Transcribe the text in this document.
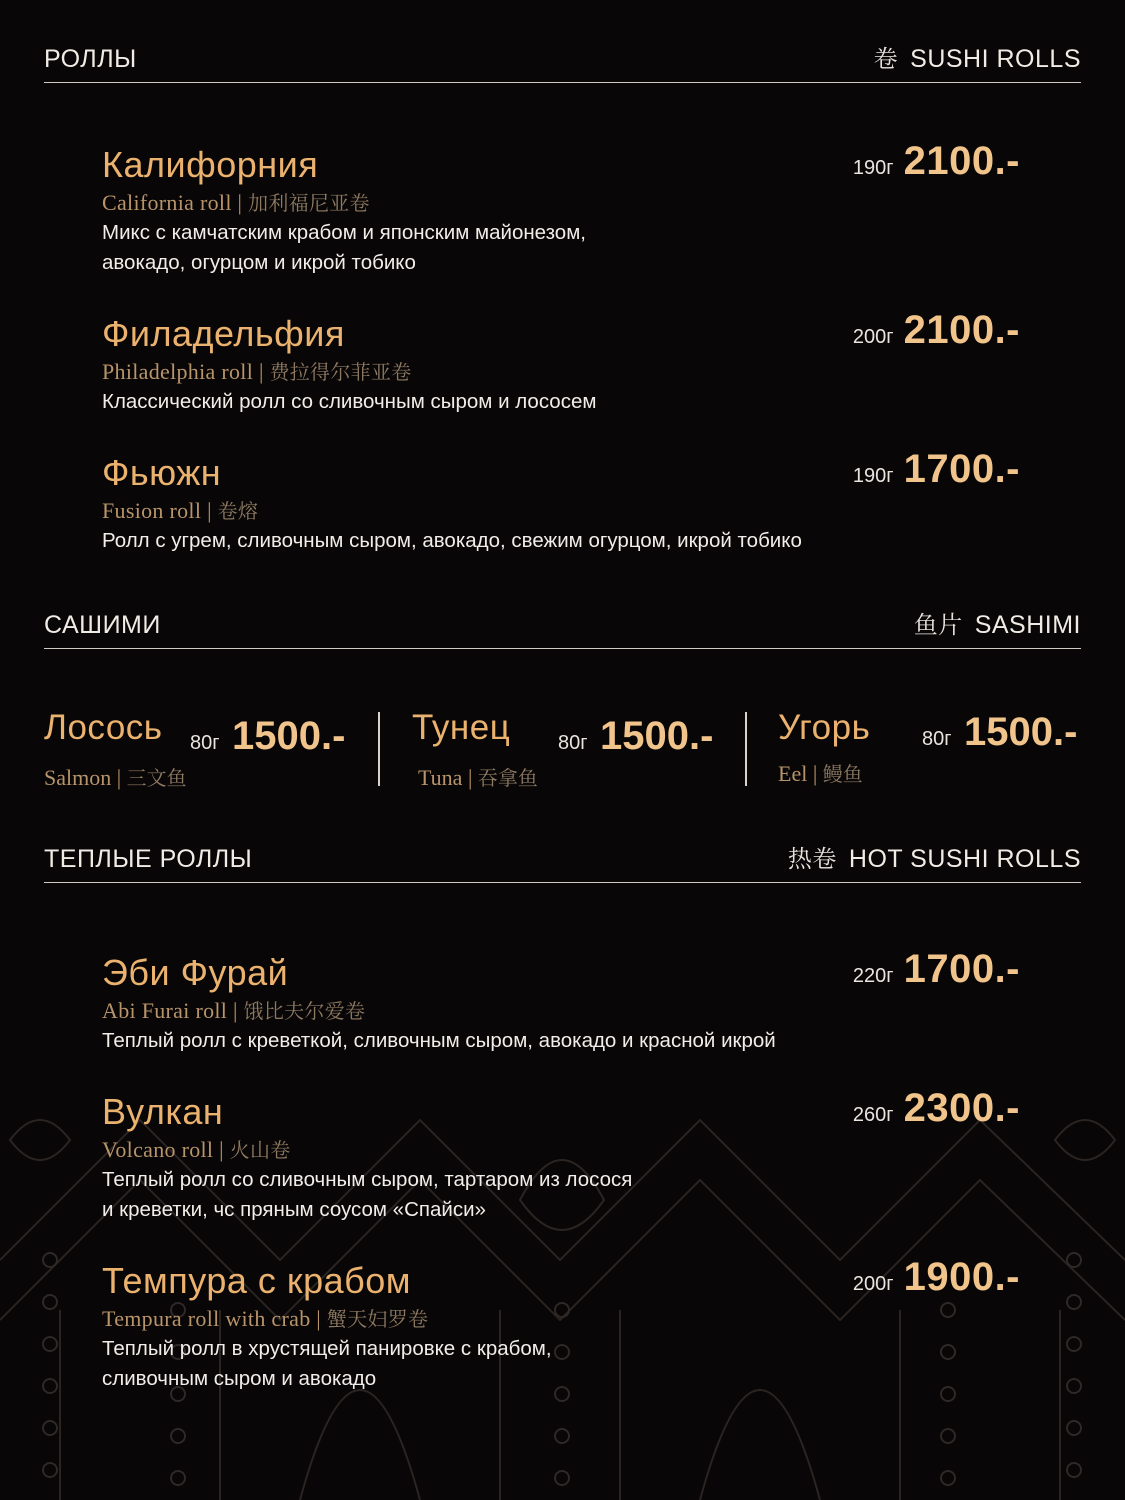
РОЛЛЫ	卷 SUSHI ROLLS
Калифорния
California roll | 加利福尼亚卷
Микс с камчатским крабом и японским майонезом,
авокадо, огурцом и икрой тобико
190г 2100.-
Филадельфия
Philadelphia roll | 费拉得尔菲亚卷
Классический ролл со сливочным сыром и лососем
200г 2100.-
Фьюжн
Fusion roll | 卷熔
Ролл с угрем, сливочным сыром, авокадо, свежим огурцом, икрой тобико
190г 1700.-
САШИМИ	鱼片 SASHIMI
Лосось 80г 1500.-
Salmon | 三文鱼
Тунец 80г 1500.-
Tuna | 吞拿鱼
Угорь	80г 1500.-
Eel | 鳗鱼
ТЕПЛЫЕ РОЛЛЫ	热卷 HOT SUSHI ROLLS
Эби Фурай
Abi Furai roll | 饿比夫尔爱卷
Теплый ролл с креветкой, сливочным сыром, авокадо и красной икрой
220г 1700.-
Вулкан
Volcano roll | 火山卷
Теплый ролл со сливочным сыром, тартаром из лосося
и креветки, чс пряным соусом «Спайси»
260г 2300.-
Темпура с крабом
Tempura roll with crab | 蟹天妇罗卷
Теплый ролл в хрустящей панировке с крабом,
сливочным сыром и авокадо
200г 1900.-
